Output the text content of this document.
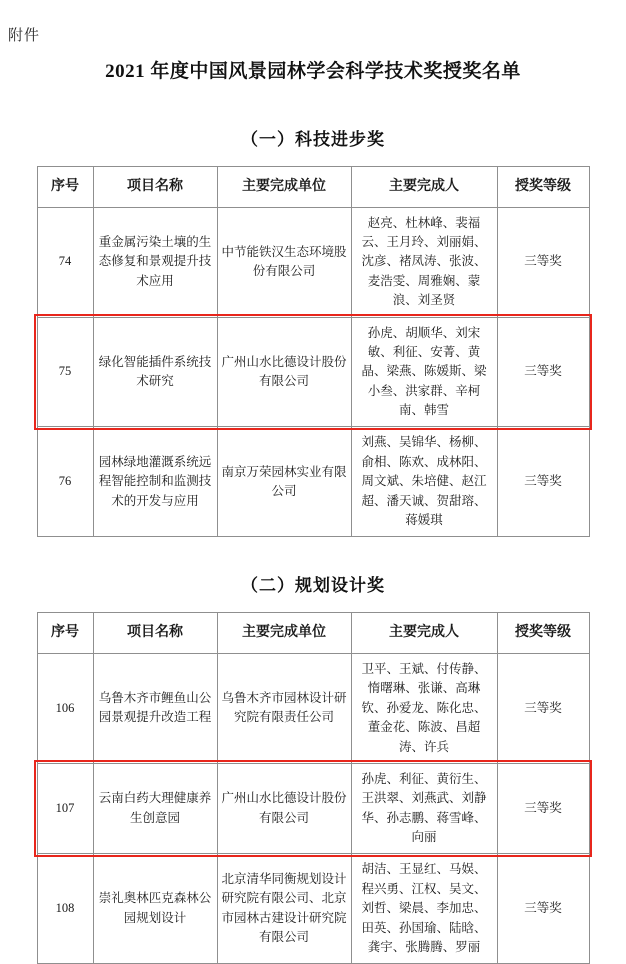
附件
2021 年度中国风景园林学会科学技术奖授奖名单
（一）科技进步奖
序号	项目名称	主要完成单位	主要完成人	授奖等级
74	重金属污染土壤的生态修复和景观提升技术应用	中节能铁汉生态环境股份有限公司	赵亮、杜林峰、裴福云、王月玲、刘丽娟、沈彦、褚凤涛、张波、麦浩雯、周雅娴、蒙浪、刘圣贤	三等奖
75	绿化智能插件系统技术研究	广州山水比德设计股份有限公司	孙虎、胡顺华、刘宋敏、利征、安菁、黄晶、梁燕、陈媛斯、梁小叁、洪家群、辛柯南、韩雪	三等奖
76	园林绿地灌溉系统远程智能控制和监测技术的开发与应用	南京万荣园林实业有限公司	刘燕、吴锦华、杨柳、俞相、陈欢、成林阳、周文斌、朱培健、赵江超、潘天诚、贺甜瑢、蒋媛琪	三等奖
（二）规划设计奖
序号	项目名称	主要完成单位	主要完成人	授奖等级
106	乌鲁木齐市鲤鱼山公园景观提升改造工程	乌鲁木齐市园林设计研究院有限责任公司	卫平、王斌、付传静、惰曙琳、张谦、高琳钦、孙爱龙、陈化忠、董金花、陈波、昌超涛、许兵	三等奖
107	云南白药大理健康养生创意园	广州山水比德设计股份有限公司	孙虎、利征、黄衍生、王洪翠、刘燕武、刘静华、孙志鹏、蒋雪峰、向丽	三等奖
108	崇礼奥林匹克森林公园规划设计	北京清华同衡规划设计研究院有限公司、北京市园林古建设计研究院有限公司	胡洁、王显红、马娱、程兴勇、江权、吴文、刘哲、梁晨、李加忠、田英、孙国瑜、陆晗、龚宇、张腾腾、罗丽	三等奖
